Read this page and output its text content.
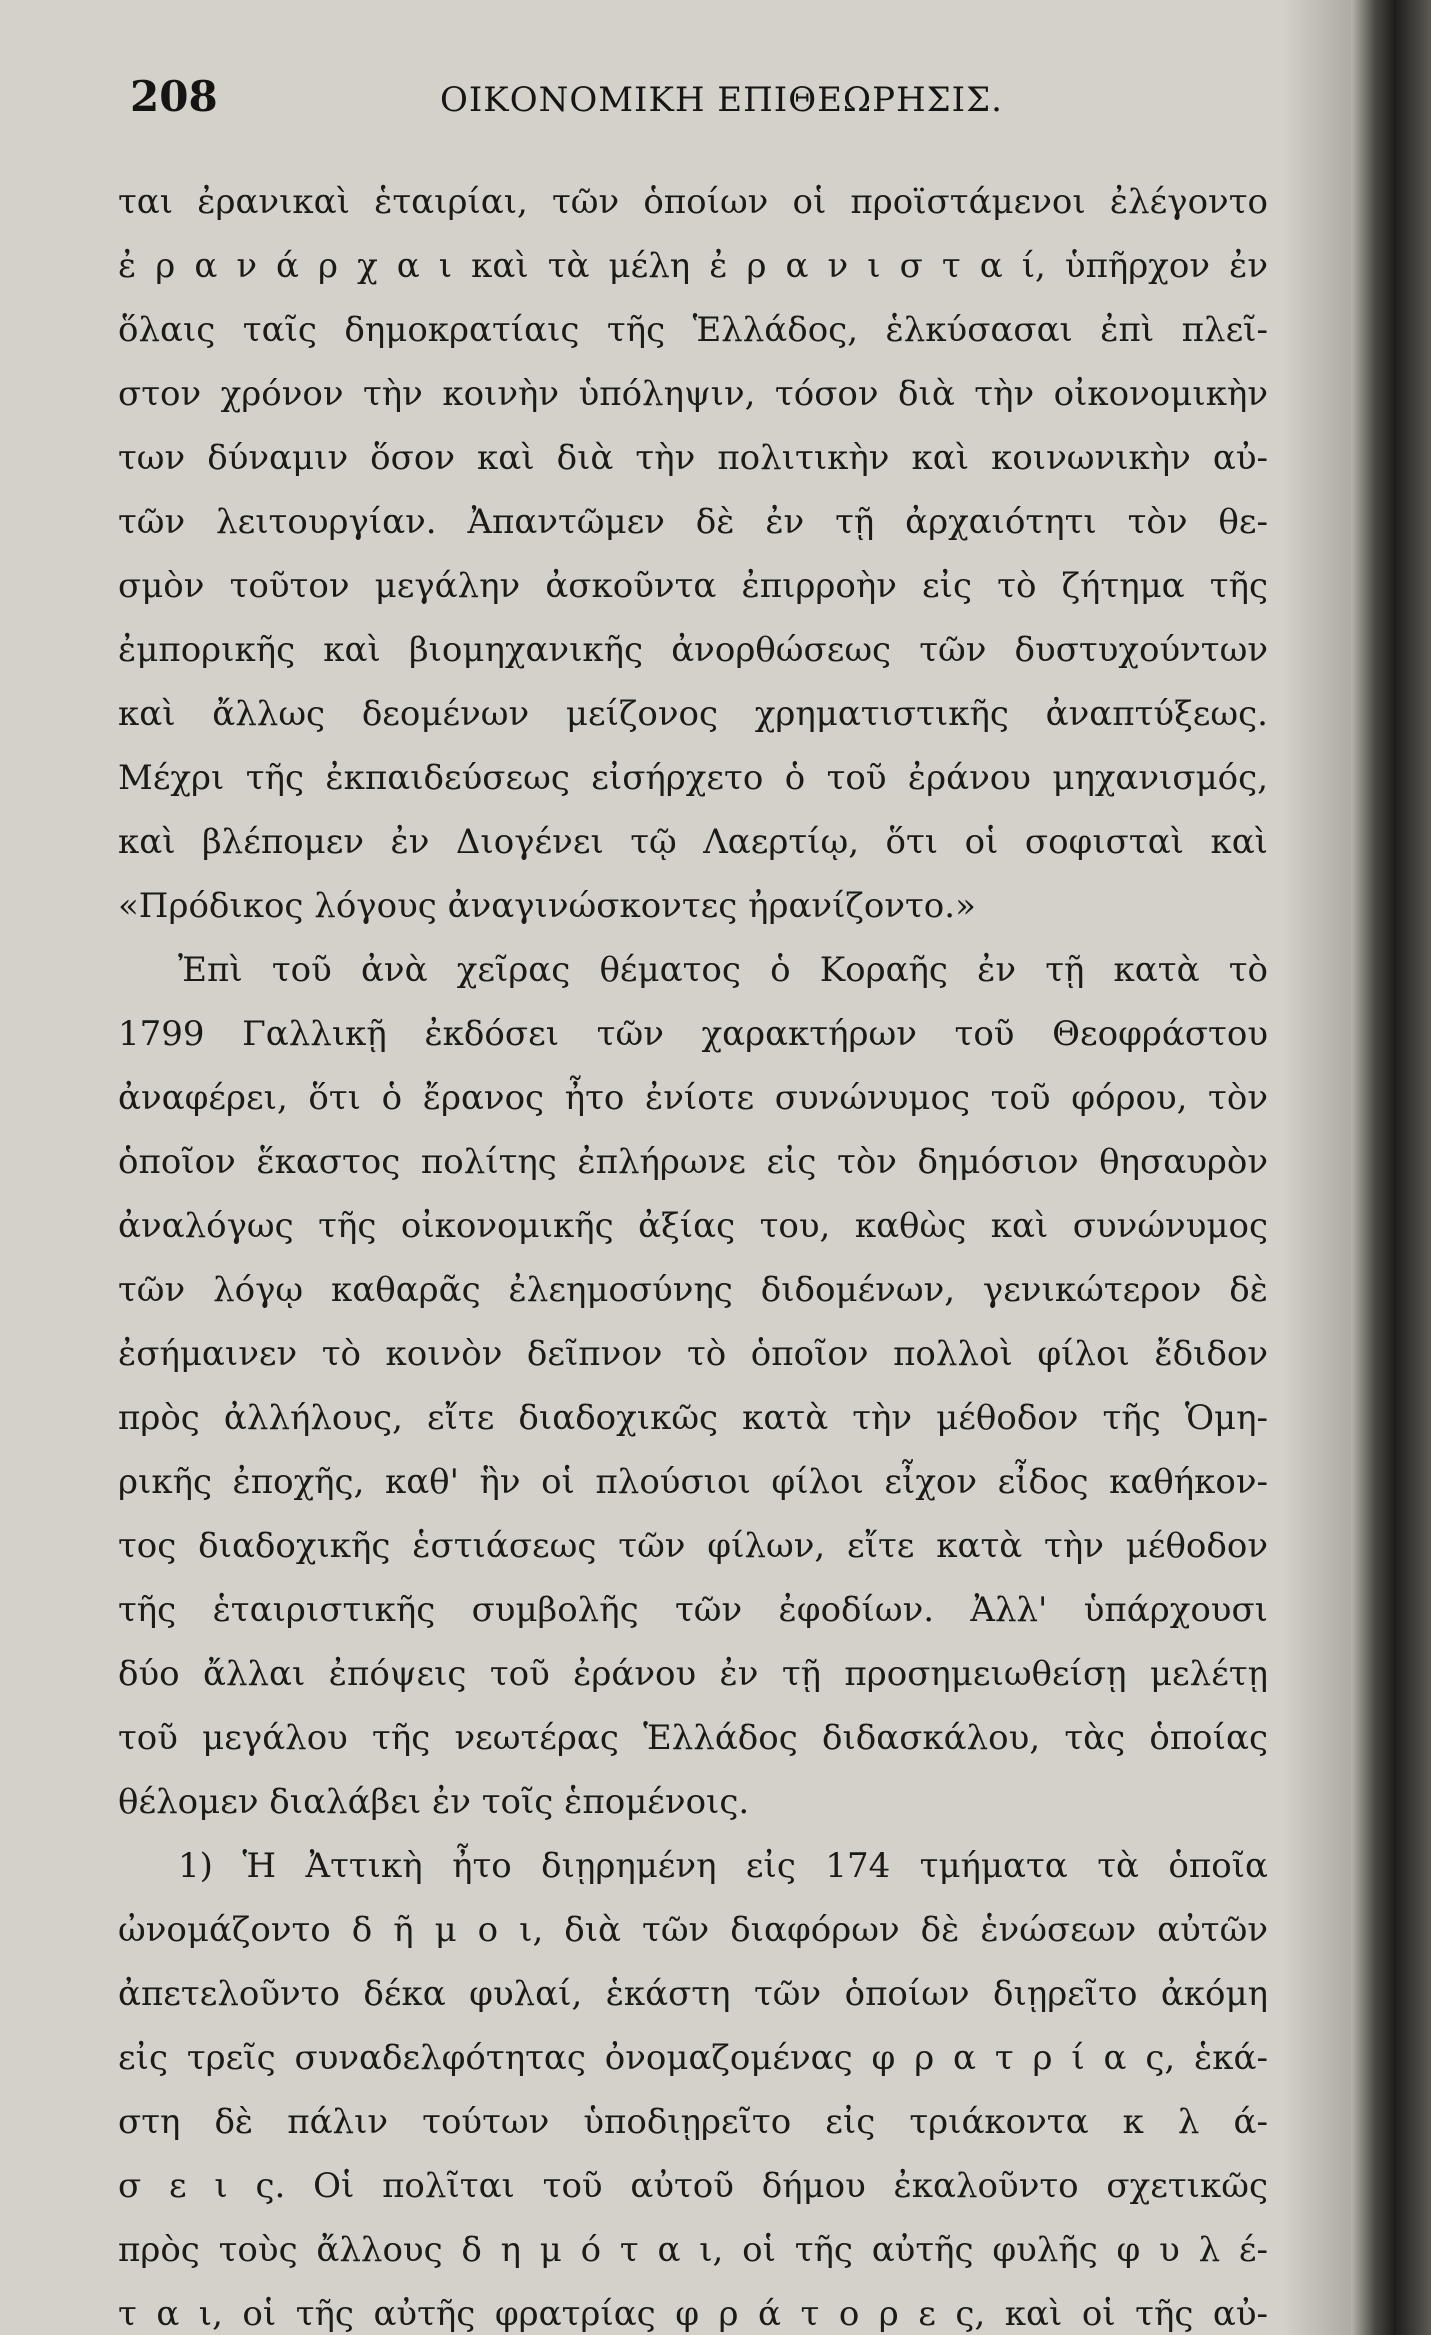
208	ΟΙΚΟΝΟΜΙΚΗ ΕΠΙΘΕΩΡΗΣΙΣ.
ται ἐρανικαὶ ἑταιρίαι, τῶν ὁποίων οἱ προϊστάμενοι ἐλέγοντο
ἐ ρ α ν ά ρ χ α ι καὶ τὰ μέλη ἐ ρ α ν ι σ τ α ί, ὑπῆρχον ἐν
ὅλαις ταῖς δημοκρατίαις τῆς Ἑλλάδος, ἑλκύσασαι ἐπὶ πλεῖ-
στον χρόνον τὴν κοινὴν ὑπόληψιν, τόσον διὰ τὴν οἰκονομικὴν
των δύναμιν ὅσον καὶ διὰ τὴν πολιτικὴν καὶ κοινωνικὴν αὐ-
τῶν λειτουργίαν. Ἀπαντῶμεν δὲ ἐν τῇ ἀρχαιότητι τὸν θε-
σμὸν τοῦτον μεγάλην ἀσκοῦντα ἐπιρροὴν εἰς τὸ ζήτημα τῆς
ἐμπορικῆς καὶ βιομηχανικῆς ἀνορθώσεως τῶν δυστυχούντων
καὶ ἄλλως δεομένων μείζονος χρηματιστικῆς ἀναπτύξεως.
Μέχρι τῆς ἐκπαιδεύσεως εἰσήρχετο ὁ τοῦ ἐράνου μηχανισμός,
καὶ βλέπομεν ἐν Διογένει τῷ Λαερτίῳ, ὅτι οἱ σοφισταὶ καὶ
«Πρόδικος λόγους ἀναγινώσκοντες ἠρανίζοντο.»
Ἐπὶ τοῦ ἀνὰ χεῖρας θέματος ὁ Κοραῆς ἐν τῇ κατὰ τὸ
1799 Γαλλικῇ ἐκδόσει τῶν χαρακτήρων τοῦ Θεοφράστου
ἀναφέρει, ὅτι ὁ ἔρανος ἦτο ἐνίοτε συνώνυμος τοῦ φόρου, τὸν
ὁποῖον ἕκαστος πολίτης ἐπλήρωνε εἰς τὸν δημόσιον θησαυρὸν
ἀναλόγως τῆς οἰκονομικῆς ἀξίας του, καθὼς καὶ συνώνυμος
τῶν λόγῳ καθαρᾶς ἐλεημοσύνης διδομένων, γενικώτερον δὲ
ἐσήμαινεν τὸ κοινὸν δεῖπνον τὸ ὁποῖον πολλοὶ φίλοι ἔδιδον
πρὸς ἀλλήλους, εἴτε διαδοχικῶς κατὰ τὴν μέθοδον τῆς Ὁμη-
ρικῆς ἐποχῆς, καθ' ἣν οἱ πλούσιοι φίλοι εἶχον εἶδος καθήκον-
τος διαδοχικῆς ἑστιάσεως τῶν φίλων, εἴτε κατὰ τὴν μέθοδον
τῆς ἑταιριστικῆς συμβολῆς τῶν ἐφοδίων. Ἀλλ' ὑπάρχουσι
δύο ἄλλαι ἐπόψεις τοῦ ἐράνου ἐν τῇ προσημειωθείσῃ μελέτῃ
τοῦ μεγάλου τῆς νεωτέρας Ἑλλάδος διδασκάλου, τὰς ὁποίας
θέλομεν διαλάβει ἐν τοῖς ἑπομένοις.
1) Ἡ Ἀττικὴ ἦτο διῃρημένη εἰς 174 τμήματα τὰ ὁποῖα
ὠνομάζοντο δ ῆ μ ο ι, διὰ τῶν διαφόρων δὲ ἑνώσεων αὐτῶν
ἀπετελοῦντο δέκα φυλαί, ἑκάστη τῶν ὁποίων διῃρεῖτο ἀκόμη
εἰς τρεῖς συναδελφότητας ὀνομαζομένας φ ρ α τ ρ ί α ς, ἑκά-
στη δὲ πάλιν τούτων ὑποδιῃρεῖτο εἰς τριάκοντα κ λ ά-
σ ε ι ς. Οἱ πολῖται τοῦ αὐτοῦ δήμου ἐκαλοῦντο σχετικῶς
πρὸς τοὺς ἄλλους δ η μ ό τ α ι, οἱ τῆς αὐτῆς φυλῆς φ υ λ έ-
τ α ι, οἱ τῆς αὐτῆς φρατρίας φ ρ ά τ ο ρ ε ς, καὶ οἱ τῆς αὐ-
